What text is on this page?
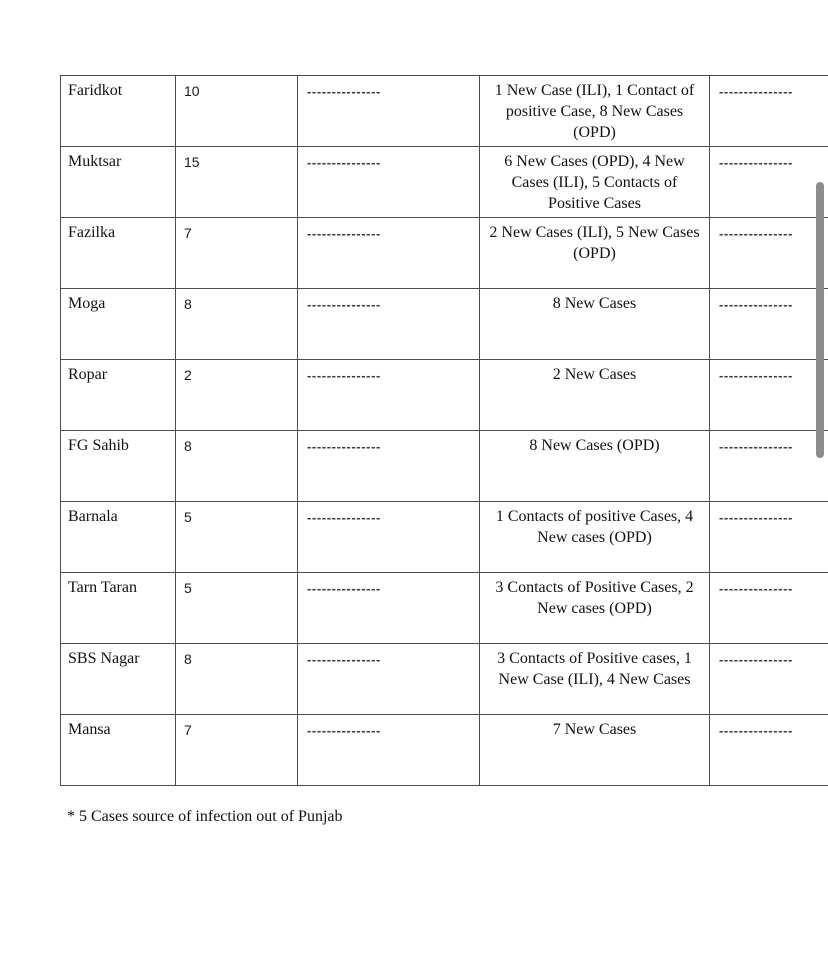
Faridkot	10	---------------	1 New Case (ILI), 1 Contact of positive Case, 8 New Cases (OPD)	---------------
Muktsar	15	---------------	6 New Cases (OPD), 4 New Cases (ILI), 5 Contacts of Positive Cases	---------------
Fazilka	7	---------------	2 New Cases (ILI), 5 New Cases (OPD)	---------------
Moga	8	---------------	8 New Cases	---------------
Ropar	2	---------------	2 New Cases	---------------
FG Sahib	8	---------------	8 New Cases (OPD)	---------------
Barnala	5	---------------	1 Contacts of positive Cases, 4 New cases (OPD)	---------------
Tarn Taran	5	---------------	3 Contacts of Positive Cases, 2 New cases (OPD)	---------------
SBS Nagar	8	---------------	3 Contacts of Positive cases, 1 New Case (ILI), 4 New Cases	---------------
Mansa	7	---------------	7 New Cases	---------------
* 5 Cases source of infection out of Punjab
